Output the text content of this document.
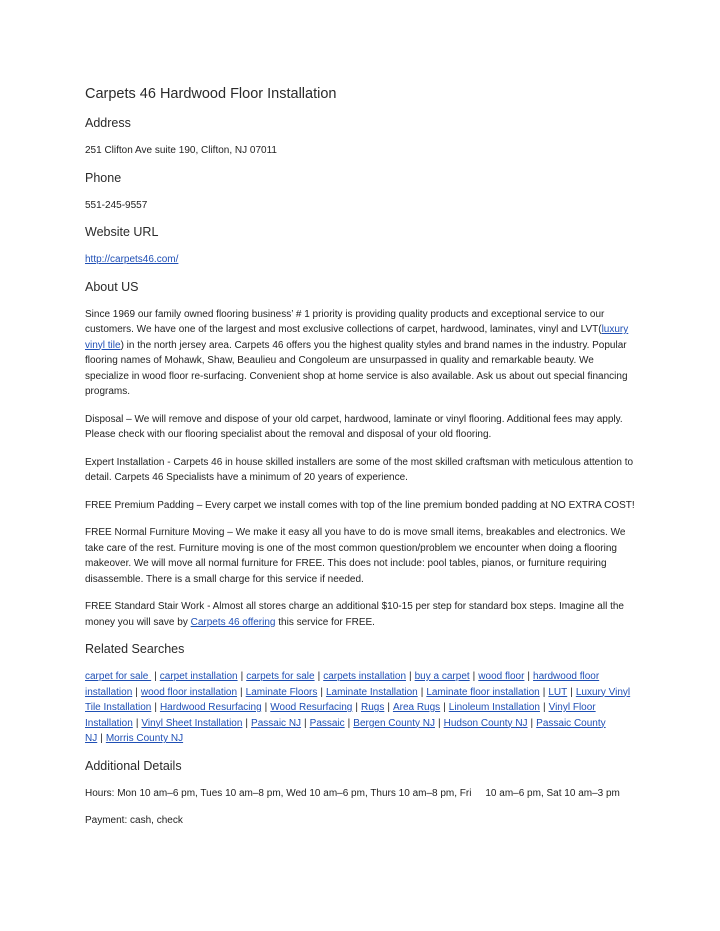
Carpets 46 Hardwood Floor Installation
Address

251 Clifton Ave suite 190, Clifton, NJ 07011

Phone

551-245-9557

Website URL

http://carpets46.com/

About US

Since 1969 our family owned flooring business’ # 1 priority is providing quality products and exceptional service to our customers. We have one of the largest and most exclusive collections of carpet, hardwood, laminates, vinyl and LVT(luxury vinyl tile) in the north jersey area. Carpets 46 offers you the highest quality styles and brand names in the industry. Popular flooring names of Mohawk, Shaw, Beaulieu and Congoleum are unsurpassed in quality and remarkable beauty. We specialize in wood floor re-surfacing. Convenient shop at home service is also available. Ask us about out special financing programs.

Disposal – We will remove and dispose of your old carpet, hardwood, laminate or vinyl flooring. Additional fees may apply. Please check with our flooring specialist about the removal and disposal of your old flooring.

Expert Installation - Carpets 46 in house skilled installers are some of the most skilled craftsman with meticulous attention to detail. Carpets 46 Specialists have a minimum of 20 years of experience.

FREE Premium Padding – Every carpet we install comes with top of the line premium bonded padding at NO EXTRA COST!

FREE Normal Furniture Moving – We make it easy all you have to do is move small items, breakables and electronics. We take care of the rest. Furniture moving is one of the most common question/problem we encounter when doing a flooring makeover. We will move all normal furniture for FREE. This does not include: pool tables, pianos, or furniture requiring disassemble. There is a small charge for this service if needed.

FREE Standard Stair Work - Almost all stores charge an additional $10-15 per step for standard box steps. Imagine all the money you will save by Carpets 46 offering this service for FREE.

Related Searches

carpet for sale | carpet installation | carpets for sale | carpets installation | buy a carpet | wood floor | hardwood floor installation | wood floor installation | Laminate Floors | Laminate Installation | Laminate floor installation | LUT | Luxury Vinyl Tile Installation | Hardwood Resurfacing | Wood Resurfacing | Rugs | Area Rugs | Linoleum Installation | Vinyl Floor Installation | Vinyl Sheet Installation | Passaic NJ | Passaic | Bergen County NJ | Hudson County NJ | Passaic County NJ | Morris County NJ

Additional Details

Hours: Mon 10 am–6 pm, Tues 10 am–8 pm, Wed 10 am–6 pm, Thurs 10 am–8 pm, Fri     10 am–6 pm, Sat 10 am–3 pm

Payment: cash, check
